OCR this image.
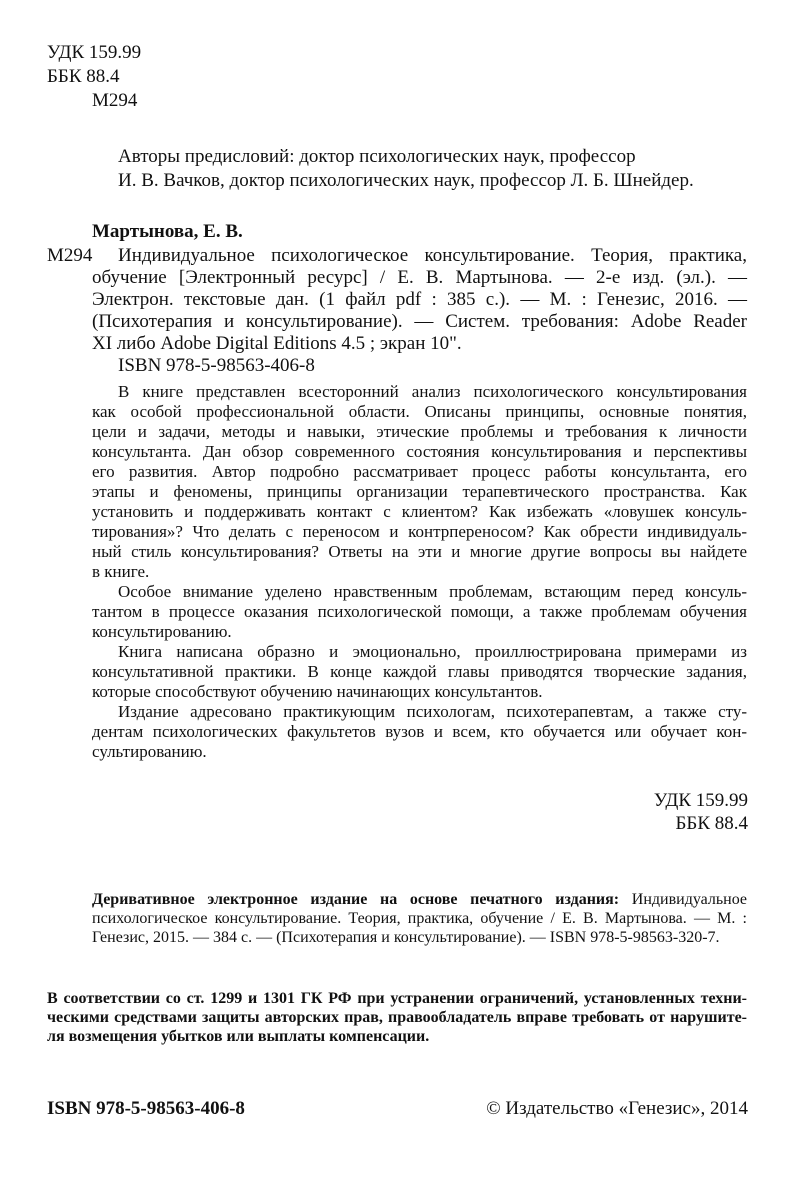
УДК 159.99
ББК 88.4
М294
Авторы предисловий: доктор психологических наук, профессор
И. В. Вачков, доктор психологических наук, профессор Л. Б. Шнейдер.
Мартынова, Е. В.
М294	Индивидуальное психологическое консультирование. Теория, практика,
обучение [Электронный ресурс] / Е. В. Мартынова. — 2-е изд. (эл.). —
Электрон. текстовые дан. (1 файл pdf : 385 с.). — М. : Генезис, 2016. —
(Психотерапия и консультирование). — Систем. требования: Adobe Reader
XI либо Adobe Digital Editions 4.5 ; экран 10".
ISBN 978-5-98563-406-8
В книге представлен всесторонний анализ психологического консультирования
как особой профессиональной области. Описаны принципы, основные понятия,
цели и задачи, методы и навыки, этические проблемы и требования к личности
консультанта. Дан обзор современного состояния консультирования и перспективы
его развития. Автор подробно рассматривает процесс работы консультанта, его
этапы и феномены, принципы организации терапевтического пространства. Как
установить и поддерживать контакт с клиентом? Как избежать «ловушек консуль-
тирования»? Что делать с переносом и контрпереносом? Как обрести индивидуаль-
ный стиль консультирования? Ответы на эти и многие другие вопросы вы найдете
в книге.
Особое внимание уделено нравственным проблемам, встающим перед консуль-
тантом в процессе оказания психологической помощи, а также проблемам обучения
консультированию.
Книга написана образно и эмоционально, проиллюстрирована примерами из
консультативной практики. В конце каждой главы приводятся творческие задания,
которые способствуют обучению начинающих консультантов.
Издание адресовано практикующим психологам, психотерапевтам, а также сту-
дентам психологических факультетов вузов и всем, кто обучается или обучает кон-
сультированию.
УДК 159.99
ББК 88.4
Деривативное электронное издание на основе печатного издания: Индивидуальное
психологическое консультирование. Теория, практика, обучение / Е. В. Мартынова. — М. :
Генезис, 2015. — 384 с. — (Психотерапия и консультирование). — ISBN 978-5-98563-320-7.
В соответствии со ст. 1299 и 1301 ГК РФ при устранении ограничений, установленных техни-
ческими средствами защиты авторских прав, правообладатель вправе требовать от нарушите-
ля возмещения убытков или выплаты компенсации.
ISBN 978-5-98563-406-8	© Издательство «Генезис», 2014
